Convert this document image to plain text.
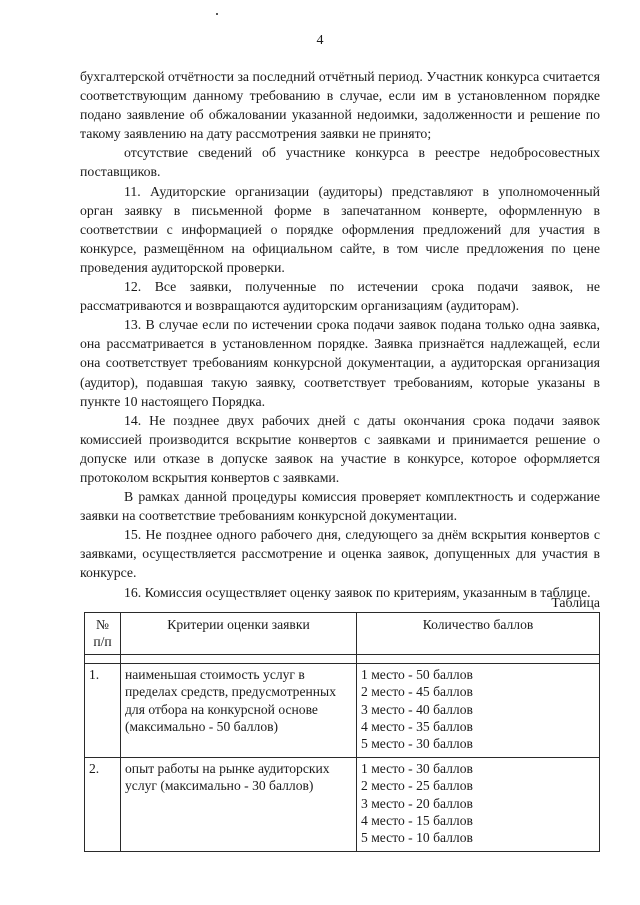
4

бухгалтерской отчётности за последний отчётный период. Участник конкурса считается соответствующим данному требованию в случае, если им в установленном порядке подано заявление об обжаловании указанной недоимки, задолженности и решение по такому заявлению на дату рассмотрения заявки не принято;

отсутствие сведений об участнике конкурса в реестре недобросовестных поставщиков.

11. Аудиторские организации (аудиторы) представляют в уполномоченный орган заявку в письменной форме в запечатанном конверте, оформленную в соответствии с информацией о порядке оформления предложений для участия в конкурсе, размещённом на официальном сайте, в том числе предложения по цене проведения аудиторской проверки.

12. Все заявки, полученные по истечении срока подачи заявок, не рассматриваются и возвращаются аудиторским организациям (аудиторам).

13. В случае если по истечении срока подачи заявок подана только одна заявка, она рассматривается в установленном порядке. Заявка признаётся надлежащей, если она соответствует требованиям конкурсной документации, а аудиторская организация (аудитор), подавшая такую заявку, соответствует требованиям, которые указаны в пункте 10 настоящего Порядка.

14. Не позднее двух рабочих дней с даты окончания срока подачи заявок комиссией производится вскрытие конвертов с заявками и принимается решение о допуске или отказе в допуске заявок на участие в конкурсе, которое оформляется протоколом вскрытия конвертов с заявками.

В рамках данной процедуры комиссия проверяет комплектность и содержание заявки на соответствие требованиям конкурсной документации.

15. Не позднее одного рабочего дня, следующего за днём вскрытия конвертов с заявками, осуществляется рассмотрение и оценка заявок, допущенных для участия в конкурсе.

16. Комиссия осуществляет оценку заявок по критериям, указанным в таблице.

Таблица
№ п/п	Критерии оценки заявки	Количество баллов

1.	наименьшая стоимость услуг в пределах средств, предусмотренных для отбора на конкурсной основе (максимально - 50 баллов)	1 место - 50 баллов
2 место - 45 баллов
3 место - 40 баллов
4 место - 35 баллов
5 место - 30 баллов

2.	опыт работы на рынке аудиторских услуг (максимально - 30 баллов)	1 место - 30 баллов
2 место - 25 баллов
3 место - 20 баллов
4 место - 15 баллов
5 место - 10 баллов
